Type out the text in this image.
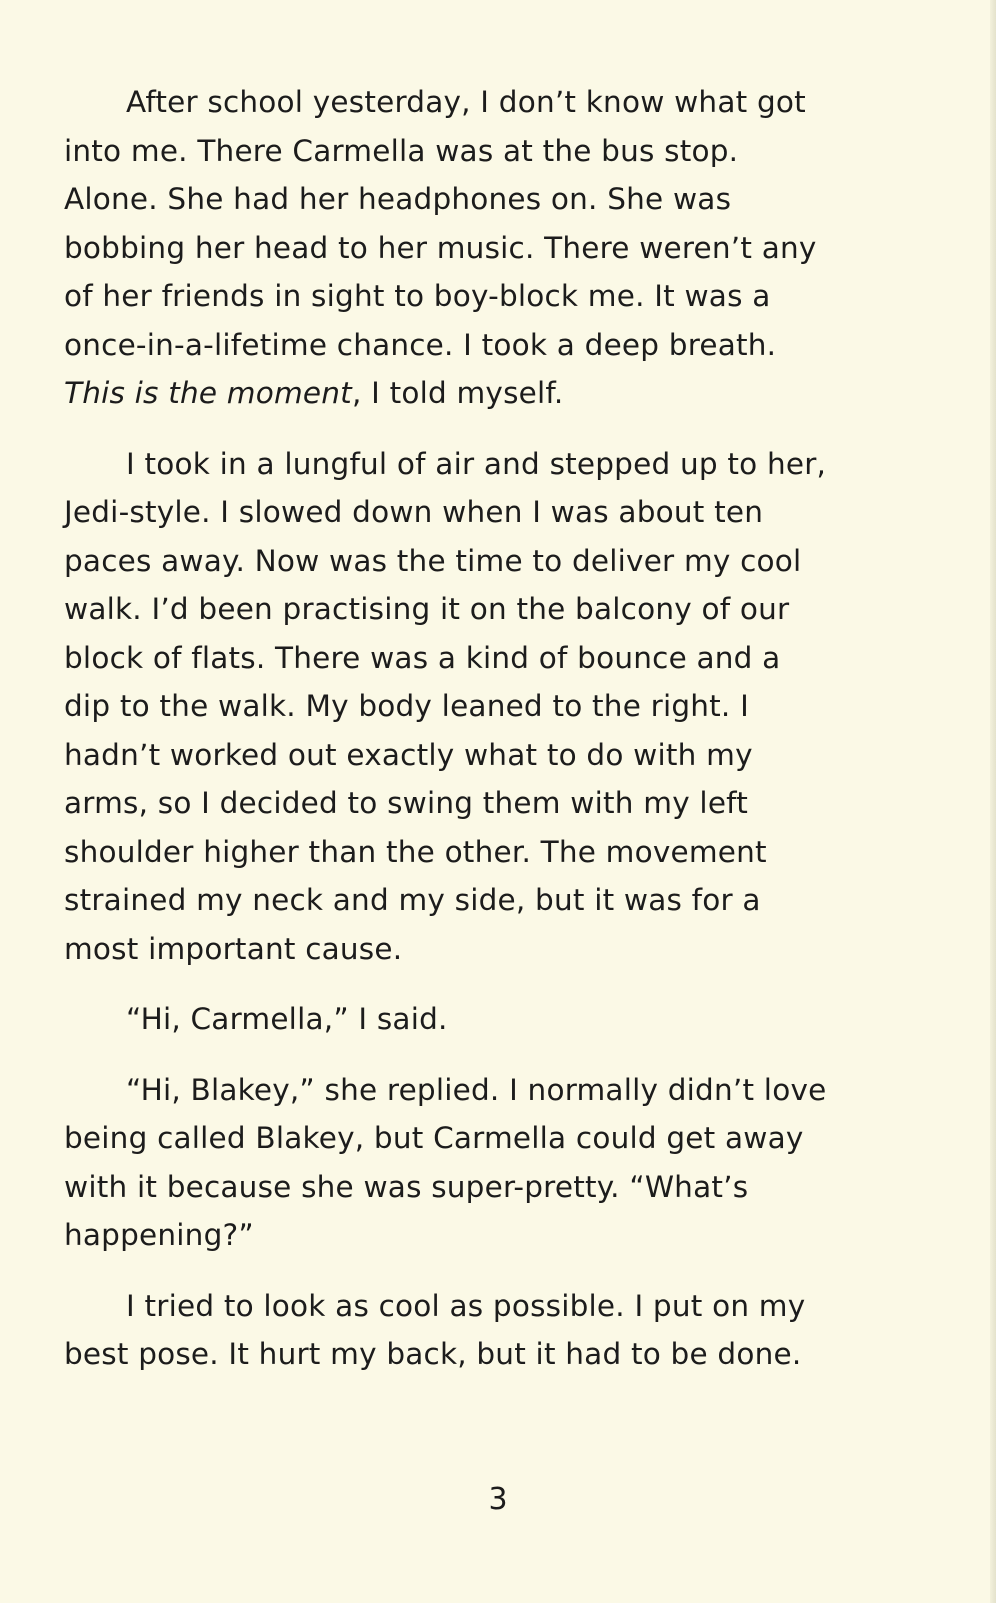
After school yesterday, I don’t know what got
into me. There Carmella was at the bus stop.
Alone. She had her headphones on. She was
bobbing her head to her music. There weren’t any
of her friends in sight to boy-block me. It was a
once-in-a-lifetime chance. I took a deep breath.
This is the moment, I told myself.

I took in a lungful of air and stepped up to her,
Jedi-style. I slowed down when I was about ten
paces away. Now was the time to deliver my cool
walk. I’d been practising it on the balcony of our
block of flats. There was a kind of bounce and a
dip to the walk. My body leaned to the right. I
hadn’t worked out exactly what to do with my
arms, so I decided to swing them with my left
shoulder higher than the other. The movement
strained my neck and my side, but it was for a
most important cause.

“Hi, Carmella,” I said.

“Hi, Blakey,” she replied. I normally didn’t love
being called Blakey, but Carmella could get away
with it because she was super-pretty. “What’s
happening?”

I tried to look as cool as possible. I put on my
best pose. It hurt my back, but it had to be done.

3
